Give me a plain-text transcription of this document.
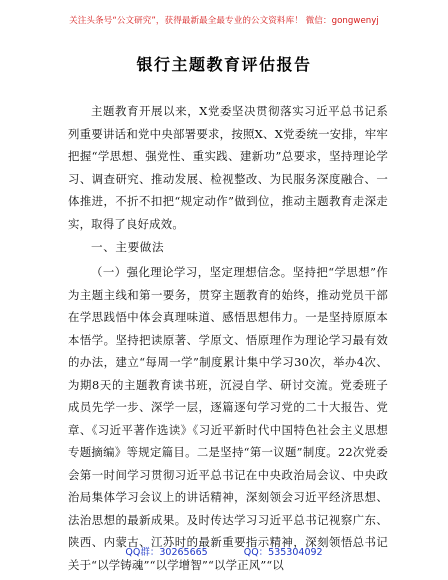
关注头条号“公文研究”，获得最新最全最专业的公文资料库！ 微信：gongwenyj
银行主题教育评估报告

主题教育开展以来，X党委坚决贯彻落实习近平总书记系列重要讲话和党中央部署要求，按照X、X党委统一安排，牢牢把握“学思想、强党性、重实践、建新功”总要求，坚持理论学习、调查研究、推动发展、检视整改、为民服务深度融合、一体推进，不折不扣把“规定动作”做到位，推动主题教育走深走实，取得了良好成效。

一、主要做法

（一）强化理论学习，坚定理想信念。坚持把“学思想”作为主题主线和第一要务，贯穿主题教育的始终，推动党员干部在学思践悟中体会真理味道、感悟思想伟力。一是坚持原原本本悟学。坚持把读原著、学原文、悟原理作为理论学习最有效的办法，建立“每周一学”制度累计集中学习30次，举办4次、为期8天的主题教育读书班，沉浸自学、研讨交流。党委班子成员先学一步、深学一层，逐篇逐句学习党的二十大报告、党章、《习近平著作选读》《习近平新时代中国特色社会主义思想专题摘编》等规定篇目。二是坚持“第一议题”制度。22次党委会第一时间学习贯彻习近平总书记在中央政治局会议、中央政治局集体学习会议上的讲话精神，深刻领会习近平经济思想、法治思想的最新成果。及时传达学习习近平总书记视察广东、陕西、内蒙古、江苏时的最新重要指示精神，深刻领悟总书记关于“以学铸魂”“以学增智”“以学正风”“以

QQ群：30265665	QQ：535304092
